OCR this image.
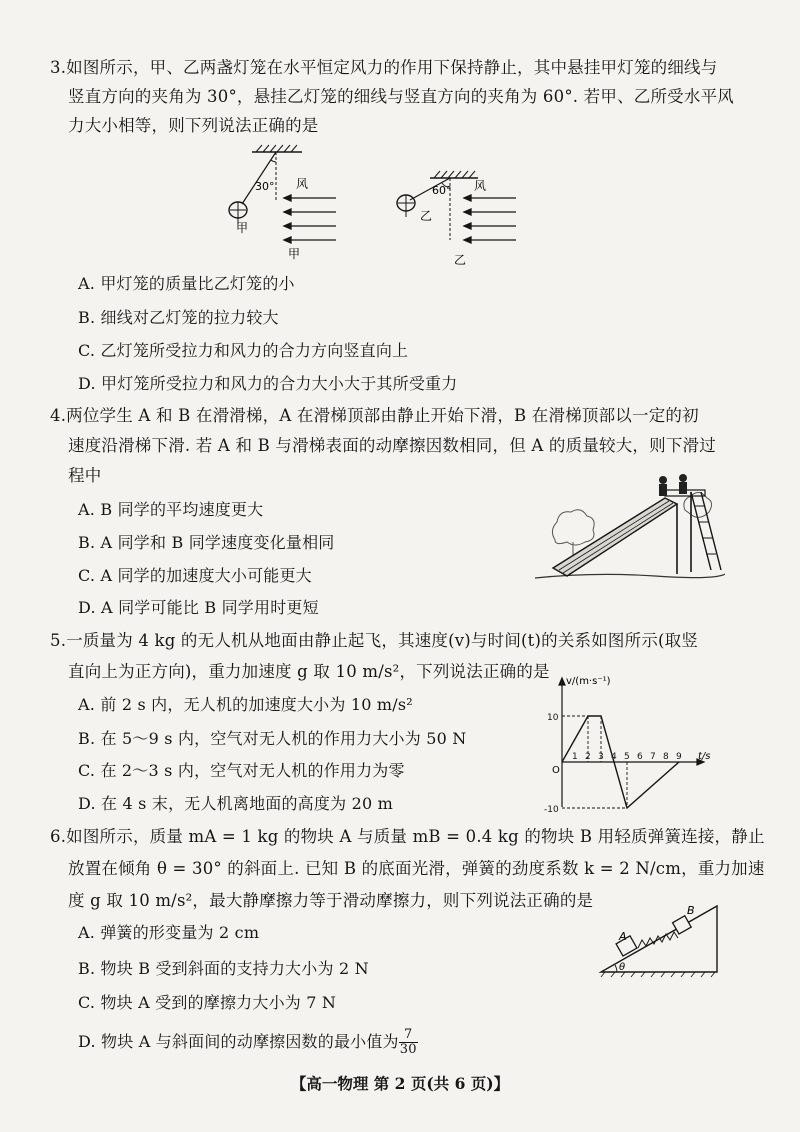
3.如图所示，甲、乙两盏灯笼在水平恒定风力的作用下保持静止，其中悬挂甲灯笼的细线与
竖直方向的夹角为 30°，悬挂乙灯笼的细线与竖直方向的夹角为 60°. 若甲、乙所受水平风
力大小相等，则下列说法正确的是
30°
甲
风
甲
60°
乙
风
乙
A. 甲灯笼的质量比乙灯笼的小
B. 细线对乙灯笼的拉力较大
C. 乙灯笼所受拉力和风力的合力方向竖直向上
D. 甲灯笼所受拉力和风力的合力大小大于其所受重力
4.两位学生 A 和 B 在滑滑梯，A 在滑梯顶部由静止开始下滑，B 在滑梯顶部以一定的初
速度沿滑梯下滑. 若 A 和 B 与滑梯表面的动摩擦因数相同，但 A 的质量较大，则下滑过
程中
A. B 同学的平均速度更大
B. A 同学和 B 同学速度变化量相同
C. A 同学的加速度大小可能更大
D. A 同学可能比 B 同学用时更短
5.一质量为 4 kg 的无人机从地面由静止起飞，其速度(v)与时间(t)的关系如图所示(取竖
直向上为正方向)，重力加速度 g 取 10 m/s²，下列说法正确的是
A. 前 2 s 内，无人机的加速度大小为 10 m/s²
B. 在 5～9 s 内，空气对无人机的作用力大小为 50 N
C. 在 2～3 s 内，空气对无人机的作用力为零
D. 在 4 s 末，无人机离地面的高度为 20 m
1 2 3 4 5 6 7 8 9
10
-10
v/(m·s⁻¹)
t/s
O
6.如图所示，质量 mA = 1 kg 的物块 A 与质量 mB = 0.4 kg 的物块 B 用轻质弹簧连接，静止
放置在倾角 θ = 30° 的斜面上. 已知 B 的底面光滑，弹簧的劲度系数 k = 2 N/cm，重力加速
度 g 取 10 m/s²，最大静摩擦力等于滑动摩擦力，则下列说法正确的是
A. 弹簧的形变量为 2 cm
B. 物块 B 受到斜面的支持力大小为 2 N
C. 物块 A 受到的摩擦力大小为 7 N
D. 物块 A 与斜面间的动摩擦因数的最小值为 $\frac{7}{30}$
A
B
θ
【高一物理 第 2 页(共 6 页)】
